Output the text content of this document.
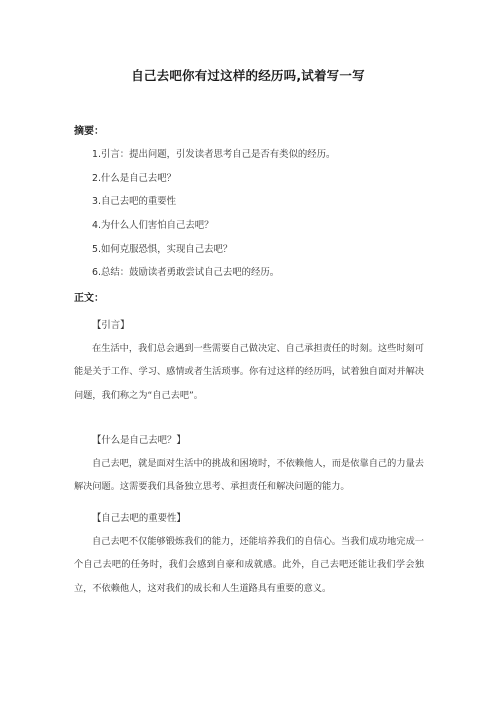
自己去吧你有过这样的经历吗,试着写一写
摘要：
1.引言：提出问题，引发读者思考自己是否有类似的经历。
2.什么是自己去吧？
3.自己去吧的重要性
4.为什么人们害怕自己去吧？
5.如何克服恐惧，实现自己去吧？
6.总结：鼓励读者勇敢尝试自己去吧的经历。
正文：
【引言】

在生活中，我们总会遇到一些需要自己做决定、自己承担责任的时刻。这些时刻可能是关于工作、学习、感情或者生活琐事。你有过这样的经历吗，试着独自面对并解决问题，我们称之为“自己去吧”。

【什么是自己去吧？】

自己去吧，就是面对生活中的挑战和困境时，不依赖他人，而是依靠自己的力量去解决问题。这需要我们具备独立思考、承担责任和解决问题的能力。

【自己去吧的重要性】

自己去吧不仅能够锻炼我们的能力，还能培养我们的自信心。当我们成功地完成一个自己去吧的任务时，我们会感到自豪和成就感。此外，自己去吧还能让我们学会独立，不依赖他人，这对我们的成长和人生道路具有重要的意义。
